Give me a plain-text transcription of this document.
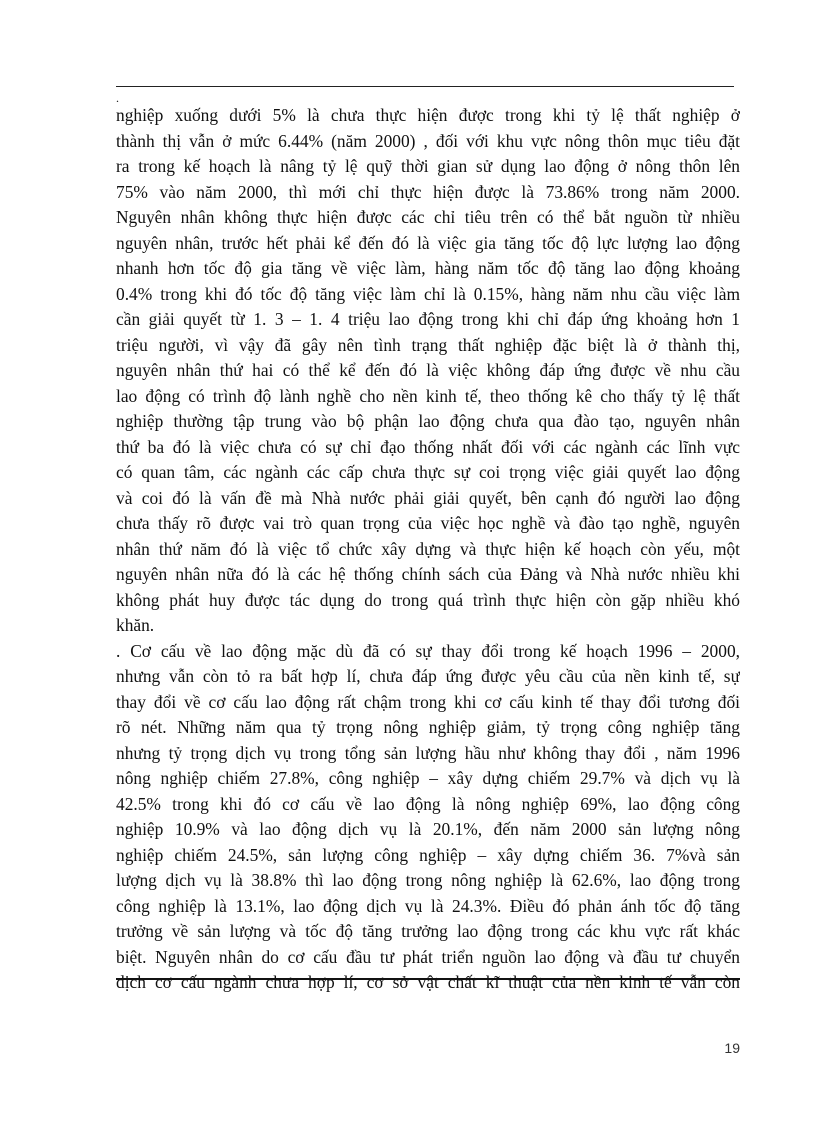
.
nghiệp xuống dưới 5% là chưa thực hiện được trong khi tỷ lệ thất nghiệp ở
thành thị vẫn ở mức 6.44% (năm 2000) , đối với khu vực nông thôn mục tiêu đặt
ra trong kế hoạch là nâng tỷ lệ quỹ thời gian sử dụng lao động ở nông thôn lên
75% vào năm 2000, thì mới chỉ thực hiện được là 73.86% trong năm 2000.
Nguyên nhân không thực hiện được các chỉ tiêu trên có thể bắt nguồn từ nhiều
nguyên nhân, trước hết phải kể đến đó là việc gia tăng tốc độ lực lượng lao động
nhanh hơn tốc độ gia tăng về việc làm, hàng năm tốc độ tăng lao động khoảng
0.4% trong khi đó tốc độ tăng việc làm chỉ là 0.15%, hàng năm nhu cầu việc làm
cần giải quyết từ 1. 3 – 1. 4 triệu lao động trong khi chỉ đáp ứng khoảng hơn 1
triệu người, vì vậy đã gây nên tình trạng thất nghiệp đặc biệt là ở thành thị,
nguyên nhân thứ hai có thể kể đến đó là việc không đáp ứng được về nhu cầu
lao động có trình độ lành nghề cho nền kinh tế, theo thống kê cho thấy tỷ lệ thất
nghiệp thường tập trung vào bộ phận lao động chưa qua đào tạo, nguyên nhân
thứ ba đó là việc chưa có sự chỉ đạo thống nhất đối với các ngành các lĩnh vực
có quan tâm, các ngành các cấp chưa thực sự coi trọng việc giải quyết lao động
và coi đó là vấn đề mà Nhà nước phải giải quyết, bên cạnh đó người lao động
chưa thấy rõ được vai trò quan trọng của việc học nghề và đào tạo nghề, nguyên
nhân thứ năm đó là việc tổ chức xây dựng và thực hiện kế hoạch còn yếu, một
nguyên nhân nữa đó là các hệ thống chính sách của Đảng và Nhà nước nhiều khi
không phát huy được tác dụng do trong quá trình thực hiện còn gặp nhiều khó
khăn.
. Cơ cấu về lao động mặc dù đã có sự thay đổi trong kế hoạch 1996 – 2000,
nhưng vẫn còn tỏ ra bất hợp lí, chưa đáp ứng được yêu cầu của nền kinh tế, sự
thay đổi về cơ cấu lao động rất chậm trong khi cơ cấu kinh tế thay đổi tương đối
rõ nét. Những năm qua tỷ trọng nông nghiệp giảm, tỷ trọng công nghiệp tăng
nhưng tỷ trọng dịch vụ trong tổng sản lượng hầu như không thay đổi , năm 1996
nông nghiệp chiếm 27.8%, công nghiệp – xây dựng chiếm 29.7% và dịch vụ là
42.5% trong khi đó cơ cấu về lao động là nông nghiệp 69%, lao động công
nghiệp 10.9% và lao động dịch vụ là 20.1%, đến năm 2000 sản lượng nông
nghiệp chiếm 24.5%, sản lượng công nghiệp – xây dựng chiếm 36. 7%và sản
lượng dịch vụ là 38.8% thì lao động trong nông nghiệp là 62.6%, lao động trong
công nghiệp là 13.1%, lao động dịch vụ là 24.3%. Điều đó phản ánh tốc độ tăng
trưởng về sản lượng và tốc độ tăng trưởng lao động trong các khu vực rất khác
biệt. Nguyên nhân do cơ cấu đầu tư phát triển nguồn lao động và đầu tư chuyển
dịch cơ cấu ngành chưa hợp lí, cơ sở vật chất kĩ thuật của nền kinh tế vẫn còn
19
